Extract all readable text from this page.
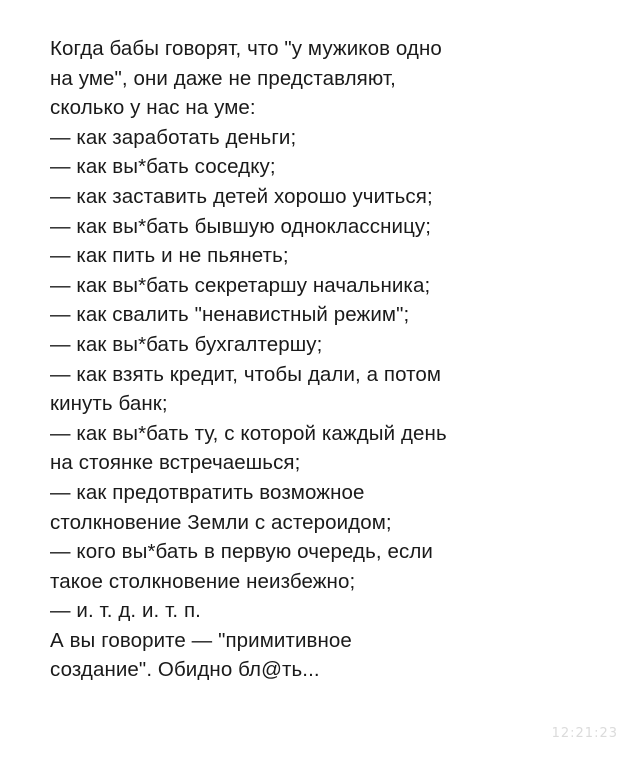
Когда бабы говорят, что "у мужиков одно

на уме", они даже не представляют,

сколько у нас на уме:

— как заработать деньги;

— как вы*бать соседку;

— как заставить детей хорошо учиться;

— как вы*бать бывшую одноклассницу;

— как пить и не пьянеть;

— как вы*бать секретаршу начальника;

— как свалить "ненавистный режим";

— как вы*бать бухгалтершу;

— как взять кредит, чтобы дали, а потом

кинуть банк;

— как вы*бать ту, с которой каждый день

на стоянке встречаешься;

— как предотвратить возможное

столкновение Земли с астероидом;

— кого вы*бать в первую очередь, если

такое столкновение неизбежно;

— и. т. д. и. т. п.

А вы говорите — "примитивное

создание". Обидно бл@ть...

12:21:23
